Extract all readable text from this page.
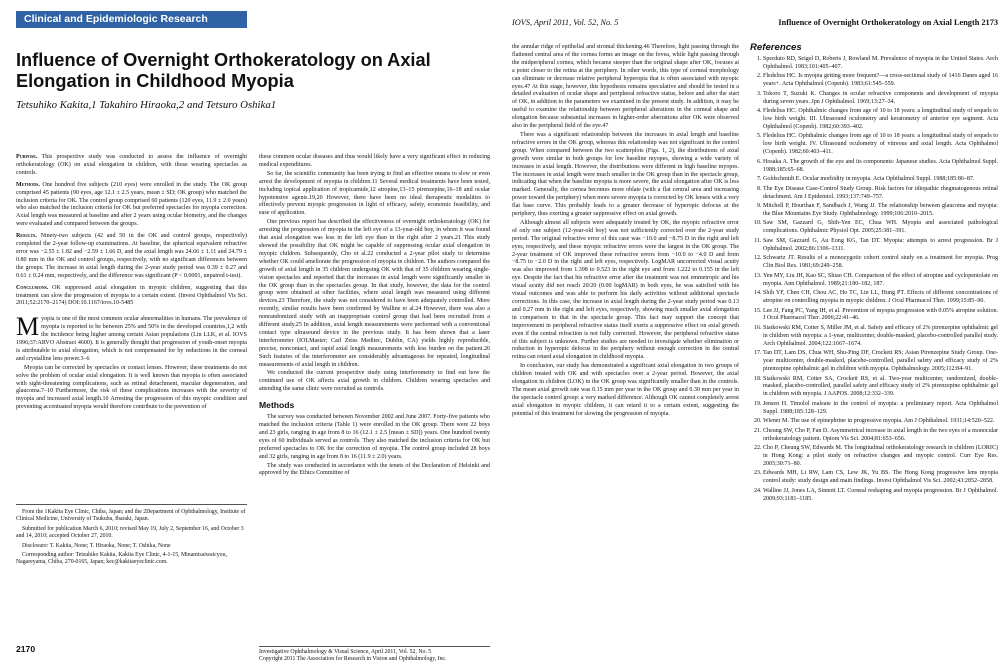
Clinical and Epidemiologic Research	IOVS, April 2011, Vol. 52, No. 5	Influence of Overnight Orthokeratology on Axial Length 2173
Influence of Overnight Orthokeratology on Axial Elongation in Childhood Myopia
Tetsuhiko Kakita,1 Takahiro Hiraoka,2 and Tetsuro Oshika1

Purpose. This prospective study was conducted to assess the influence of overnight orthokeratology (OK) on axial elongation in children, with those wearing spectacles as controls.

Methods. One hundred five subjects (210 eyes) were enrolled in the study. The OK group comprised 45 patients (90 eyes, age 12.1 ± 2.5 years, mean ± SD; OK group) who matched the inclusion criteria for OK. The control group comprised 60 patients (120 eyes, 11.9 ± 2.0 years) who also matched the inclusion criteria for OK but preferred spectacles for myopia correction. Axial length was measured at baseline and after 2 years using ocular biometry, and the changes were evaluated and compared between the groups.

Results. Ninety-two subjects (42 and 50 in the OK and control groups, respectively) completed the 2-year follow-up examinations. At baseline, the spherical equivalent refractive error was −2.55 ± 1.82 and −2.59 ± 1.66 D, and the axial length was 24.66 ± 1.11 and 24.79 ± 0.80 mm in the OK and control groups, respectively, with no significant differences between the groups. The increase in axial length during the 2-year study period was 0.39 ± 0.27 and 0.61 ± 0.24 mm, respectively, and the difference was significant (P < 0.0001, unpaired t-test).

Conclusions. OK suppressed axial elongation in myopic children, suggesting that this treatment can slow the progression of myopia to a certain extent. (Invest Ophthalmol Vis Sci. 2011;52:2170–2174) DOI:10.1167/iovs.10-5485

Myopia is one of the most common ocular abnormalities in humans. The prevalence of myopia is reported to be between 25% and 50% in the developed countries,1,2 with the incidence being higher among certain Asian populations (Lin LLK, et al. IOVS 1996;37:ARVO Abstract 4600). It is generally thought that progression of youth-onset myopia is attributable to axial elongation, which is not compensated for by reductions in the corneal and crystalline lens power.3–6

Myopia can be corrected by spectacles or contact lenses. However, these treatments do not solve the problem of ocular axial elongation. It is well known that myopia is often associated with sight-threatening complications, such as retinal detachment, macular degeneration, and glaucoma.7–10 Furthermore, the risk of these complications increases with the severity of myopia and increased axial length.10 Arresting the progression of this myopic condition and preventing accentuated myopia would therefore contribute to the prevention of

From the 1Kakita Eye Clinic, Chiba, Japan; and the 2Department of Ophthalmology, Institute of Clinical Medicine, University of Tsukuba, Ibaraki, Japan.

Submitted for publication March 6, 2010; revised May 19, July 2, September 16, and October 3 and 14, 2010; accepted October 27, 2010.

Disclosure: T. Kakita, None; T. Hiraoka, None; T. Oshika, None

Corresponding author: Tetsuhiko Kakita, Kakita Eye Clinic, 4-1-15, Minamisaiwaicyou, Nagareyama, Chiba, 270-0165, Japan; kec@kakitaeyeclinic.com.

2170

these common ocular diseases and thus would likely have a very significant effect in reducing medical expenditures.

So far, the scientific community has been trying to find an effective means to slow or even arrest the development of myopia in children.11 Several medical treatments have been tested, including topical application of tropicamide,12 atropine,13–15 pirenzepine,16–18 and ocular hypotensive agents.19,20 However, there have been no ideal therapeutic modalities to effectively prevent myopic progression in light of efficacy, safety, economic feasibility, and ease of application.

One previous report has described the effectiveness of overnight orthokeratology (OK) for arresting the progression of myopia in the left eye of a 13-year-old boy, in whom it was found that axial elongation was less in the left eye than in the right after 2 years.21 This study showed the possibility that OK might be capable of suppressing ocular axial elongation in myopic children. Subsequently, Cho et al.22 conducted a 2-year pilot study to determine whether OK could ameliorate the progression of myopia in children. The authors compared the growth of axial length in 35 children undergoing OK with that of 35 children wearing single-vision spectacles and reported that the increases in axial length were significantly smaller in the OK group than in the spectacles group. In that study, however, the data for the control group were obtained at other facilities, where axial length was measured using different devices.23 Therefore, the study was not considered to have been adequately controlled. More recently, similar results have been confirmed by Walline et al.24 However, there was also a nonrandomized study with an inappropriate control group that had been recruited from a different study.25 In addition, axial length measurements were performed with a conventional contact type ultrasound device in the previous study. It has been shown that a laser interferometer (IOLMaster; Carl Zeiss Meditec, Dublin, CA) yields highly reproducible, precise, noncontact, and rapid axial length measurements with less burden on the patient.26 Such features of the interferometer are considerably advantageous for repeated, longitudinal measurements of axial length in children.

We conducted the current prospective study using interferometry to find out how the continued use of OK affects axial growth in children. Children wearing spectacles and attending the same clinic were recruited as controls.

Methods

The survey was conducted between November 2002 and June 2007. Forty-five patients who matched the inclusion criteria (Table 1) were enrolled in the OK group. There were 22 boys and 23 girls, ranging in age from 8 to 16 (12.1 ± 2.5 [mean ± SD]) years. One hundred twenty eyes of 60 individuals served as controls. They also matched the inclusion criteria for OK but preferred spectacles to OK for the correction of myopia. The control group included 28 boys and 32 girls, ranging in age from 8 to 16 (11.9 ± 2.0) years.

The study was conducted in accordance with the tenets of the Declaration of Helsinki and approved by the Ethics Committee of

Investigative Ophthalmology & Visual Science, April 2011, Vol. 52, No. 5
Copyright 2011 The Association for Research in Vision and Ophthalmology, Inc.

the annular ridge of epithelial and stromal thickening.46 Therefore, light passing through the flattened central area of the cornea forms an image on the fovea, while light passing through the midperipheral cornea, which became steeper than the original shape after OK, focuses at a point closer to the retina at the periphery. In other words, this type of corneal morphology can eliminate or decrease relative peripheral hyperopia that is often associated with myopic eyes.47 At this stage, however, this hypothesis remains speculative and should be tested in a detailed evaluation of ocular shape and peripheral refractive status, before and after the start of OK, in addition to the parameters we examined in the present study. In addition, it may be useful to examine the relationship between peripheral alterations in the corneal shape and elongation because substantial increases in higher-order aberrations after OK were observed also in the peripheral field of the eye.47

There was a significant relationship between the increases in axial length and baseline refractive errors in the OK group, whereas this relationship was not significant in the control group. When compared between the two scatterplots (Figs. 1, 2), the distributions of axial growth were similar in both groups for low baseline myopes, showing a wide variety of increases in axial length. However, the distributions were different in high baseline myopes. The increases in axial length were much smaller in the OK group than in the spectacle group, indicating that when the baseline myopia is more severe, the axial elongation after OK is less marked. Generally, the cornea becomes more oblate (with a flat central area and increasing power toward the periphery) when more severe myopia is corrected by OK lenses with a very flat base curve. This probably leads to a greater decrease of hyperopic defocus at the periphery, thus exerting a greater suppressive effect on axial growth.

Although almost all subjects were adequately treated by OK, the myopic refractive error of only one subject (12-year-old boy) was not sufficiently corrected over the 2-year study period. The original refractive error of this case was −10.0 and −8.75 D in the right and left eyes, respectively, and these myopic refractive errors were the largest in the OK group. The 2-year treatment of OK improved these refractive errors from −10.0 to −4.0 D and from −8.75 to −2.0 D in the right and left eyes, respectively. LogMAR uncorrected visual acuity was also improved from 1.398 to 0.523 in the right eye and from 1.222 to 0.155 in the left eye. Despite the fact that his refractive error after the treatment was not emmetropic and his visual acuity did not reach 20/20 (0.00 logMAR) in both eyes, he was satisfied with his visual outcomes and was able to perform his daily activities without additional spectacle corrections. In this case, the increase in axial length during the 2-year study period was 0.13 and 0.27 mm in the right and left eyes, respectively, showing much smaller axial elongation in comparison to that in the spectacle group. This fact may support the concept that improvement in peripheral refractive status itself exerts a suppressive effect on axial growth even if the central refraction is not fully corrected. However, the peripheral refractive status of this subject is unknown. Further studies are needed to investigate whether elimination or reduction in hyperopic defocus in the periphery without enough correction in the central retina can retard axial elongation in childhood myopia.

In conclusion, our study has demonstrated a significant axial elongation in two groups of children treated with OK and with spectacles over a 2-year period. However, the axial elongation in children (LOK) in the OK group was significantly smaller than in the controls. The mean axial growth rate was 0.15 mm per year in the OK group and 0.30 mm per year in the spectacle control group: a very marked difference. Although OK cannot completely arrest axial elongation in myopic children, it can retard it to a certain extent, suggesting the potential of this treatment for slowing the progression of myopia.

References
1. Sperduto RD, Seigel D, Roberts J, Rowland M. Prevalence of myopia in the United States. Arch Ophthalmol. 1983;101:405–407.
2. Fledelius HC. Is myopia getting more frequent?—a cross-sectional study of 1416 Danes aged 16 years+. Acta Ophthalmol (Copenh). 1983;61:545–559.
3. Tokoro T, Suzuki K. Changes in ocular refractive components and development of myopia during seven years. Jpn J Ophthalmol. 1969;13:27–34.
4. Fledelius HC. Ophthalmic changes from age of 10 to 18 years: a longitudinal study of sequels to low birth weight. III. Ultrasound oculometry and keratometry of anterior eye segment. Acta Ophthalmol (Copenh). 1982;60:393–402.
5. Fledelius HC. Ophthalmic changes from age of 10 to 18 years: a longitudinal study of sequels to low birth weight. IV. Ultrasound oculometry of vitreous and axial length. Acta Ophthalmol (Copenh). 1982;60:403–411.
6. Hosaka A. The growth of the eye and its components: Japanese studies. Acta Ophthalmol Suppl. 1988;185:65–68.
7. Goldschmidt E. Ocular morbidity in myopia. Acta Ophthalmol Suppl. 1988;185:86–87.
8. The Eye Disease Case-Control Study Group. Risk factors for idiopathic rhegmatogenous retinal detachment. Am J Epidemiol. 1993;137:749–757.
9. Mitchell P, Hourihan F, Sandbach J, Wang JJ. The relationship between glaucoma and myopia: the Blue Mountains Eye Study. Ophthalmology. 1999;106:2010–2015.
10. Saw SM, Gazzard G, Shih-Yen EC, Chua WH. Myopia and associated pathological complications. Ophthalmic Physiol Opt. 2005;25:381–391.
11. Saw SM, Gazzard G, Au Eong KG, Tan DT. Myopia: attempts to arrest progression. Br J Ophthalmol. 2002;86:1306–1311.
12. Schwartz JT. Results of a monozygotic cohort control study on a treatment for myopia. Prog Clin Biol Res. 1981;69:249–258.
13. Yen MY, Liu JH, Kao SC, Shiao CH. Comparison of the effect of atropine and cyclopentolate on myopia. Ann Ophthalmol. 1989;21:180–182, 187.
14. Shih YF, Chen CH, Chou AC, Ho TC, Lin LL, Hung PT. Effects of different concentrations of atropine on controlling myopia in myopic children. J Ocul Pharmacol Ther. 1999;15:85–90.
15. Lee JJ, Fang PC, Yang IH, et al. Prevention of myopia progression with 0.05% atropine solution. J Ocul Pharmacol Ther. 2006;22:41–46.
16. Siatkowski RM, Cotter S, Miller JM, et al. Safety and efficacy of 2% pirenzepine ophthalmic gel in children with myopia: a 1-year, multicenter, double-masked, placebo-controlled parallel study. Arch Ophthalmol. 2004;122:1667–1674.
17. Tan DT, Lam DS, Chua WH, Shu-Ping DF, Crockett RS; Asian Pirenzepine Study Group. One-year multicenter, double-masked, placebo-controlled, parallel safety and efficacy study of 2% pirenzepine ophthalmic gel in children with myopia. Ophthalmology. 2005;112:84–91.
18. Siatkowski RM, Cotter SA, Crockett RS, et al. Two-year multicenter, randomized, double-masked, placebo-controlled, parallel safety and efficacy study of 2% pirenzepine ophthalmic gel in children with myopia. J AAPOS. 2008;12:332–339.
19. Jensen H. Timolol maleate in the control of myopia: a preliminary report. Acta Ophthalmol Suppl. 1988;185:128–129.
20. Wiener M. The use of epinephrine in progressive myopia. Am J Ophthalmol. 1931;14:520–522.
21. Cheung SW, Cho P, Fan D. Asymmetrical increase in axial length in the two eyes of a monocular orthokeratology patient. Optom Vis Sci. 2004;81:653–656.
22. Cho P, Cheung SW, Edwards M. The longitudinal orthokeratology research in children (LORIC) in Hong Kong: a pilot study on refractive changes and myopic control. Curr Eye Res. 2005;30:71–80.
23. Edwards MH, Li RW, Lam CS, Lew JK, Yu BS. The Hong Kong progressive lens myopia control study: study design and main findings. Invest Ophthalmol Vis Sci. 2002;43:2852–2858.
24. Walline JJ, Jones LA, Sinnott LT. Corneal reshaping and myopia progression. Br J Ophthalmol. 2009;93:1181–1185.
